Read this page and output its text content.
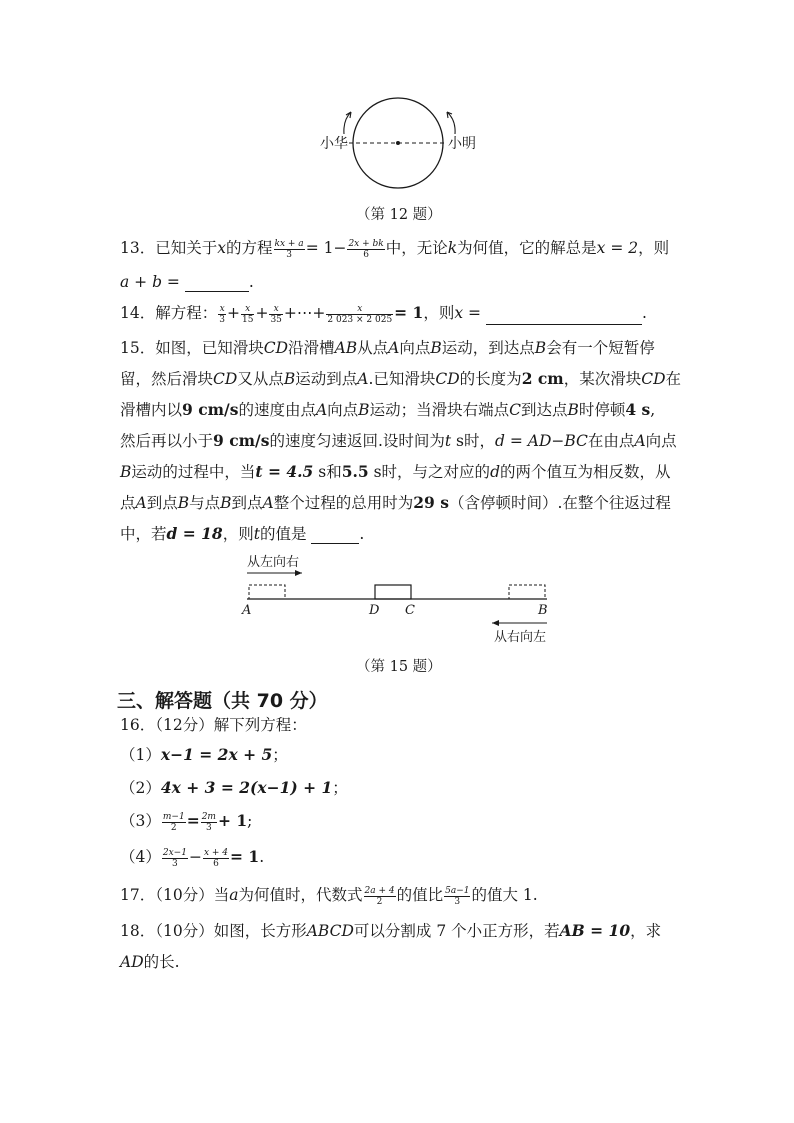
小华	小明
（第 12 题）
13．已知关于x的方程 $\frac{kx + a}{3} = 1- \frac{2x + bk}{6}$ 中，无论k为何值，它的解总是x = 2，则
a + b =	.
14．解方程： $\frac{x}{3} + \frac{x}{15} + \frac{x}{35}$ +⋯+ $\frac{x}{2 023 \times 2 025} = 1$，则x =	.
15．如图，已知滑块CD沿滑槽AB从点A向点B运动，到达点B会有一个短暂停
留，然后滑块CD又从点B运动到点A.已知滑块CD的长度为2 cm，某次滑块CD在
滑槽内以9 cm/s的速度由点A向点B运动；当滑块右端点C到达点B时停顿4 s,
然后再以小于9 cm/s的速度匀速返回.设时间为t s时，d = AD−BC在由点A向点
B运动的过程中，当t = 4.5 s和5.5 s时，与之对应的d的两个值互为相反数，从
点A到点B与点B到点A整个过程的总用时为29 s（含停顿时间）.在整个往返过程
中，若d = 18，则t的值是	.
从左向右
A	D C	B
从右向左
（第 15 题）
三、解答题（共 70 分）
16．（12分）解下列方程：
（1）x−1 = 2x + 5；
（2）4x + 3 = 2(x−1) + 1；
$(3) \frac{m-1}{2} = \frac{2m}{3} + 1$;
$(4) \frac{2x-1}{3} - \frac{x + 4}{6} = 1$.
17．（10分）当a为何值时，代数式 $\frac{2a + 4}{2}$ 的值比 $\frac{5a-1}{3}$ 的值大 1.
18．（10分）如图，长方形ABCD可以分割成 7 个小正方形，若AB = 10，求
AD的长.
